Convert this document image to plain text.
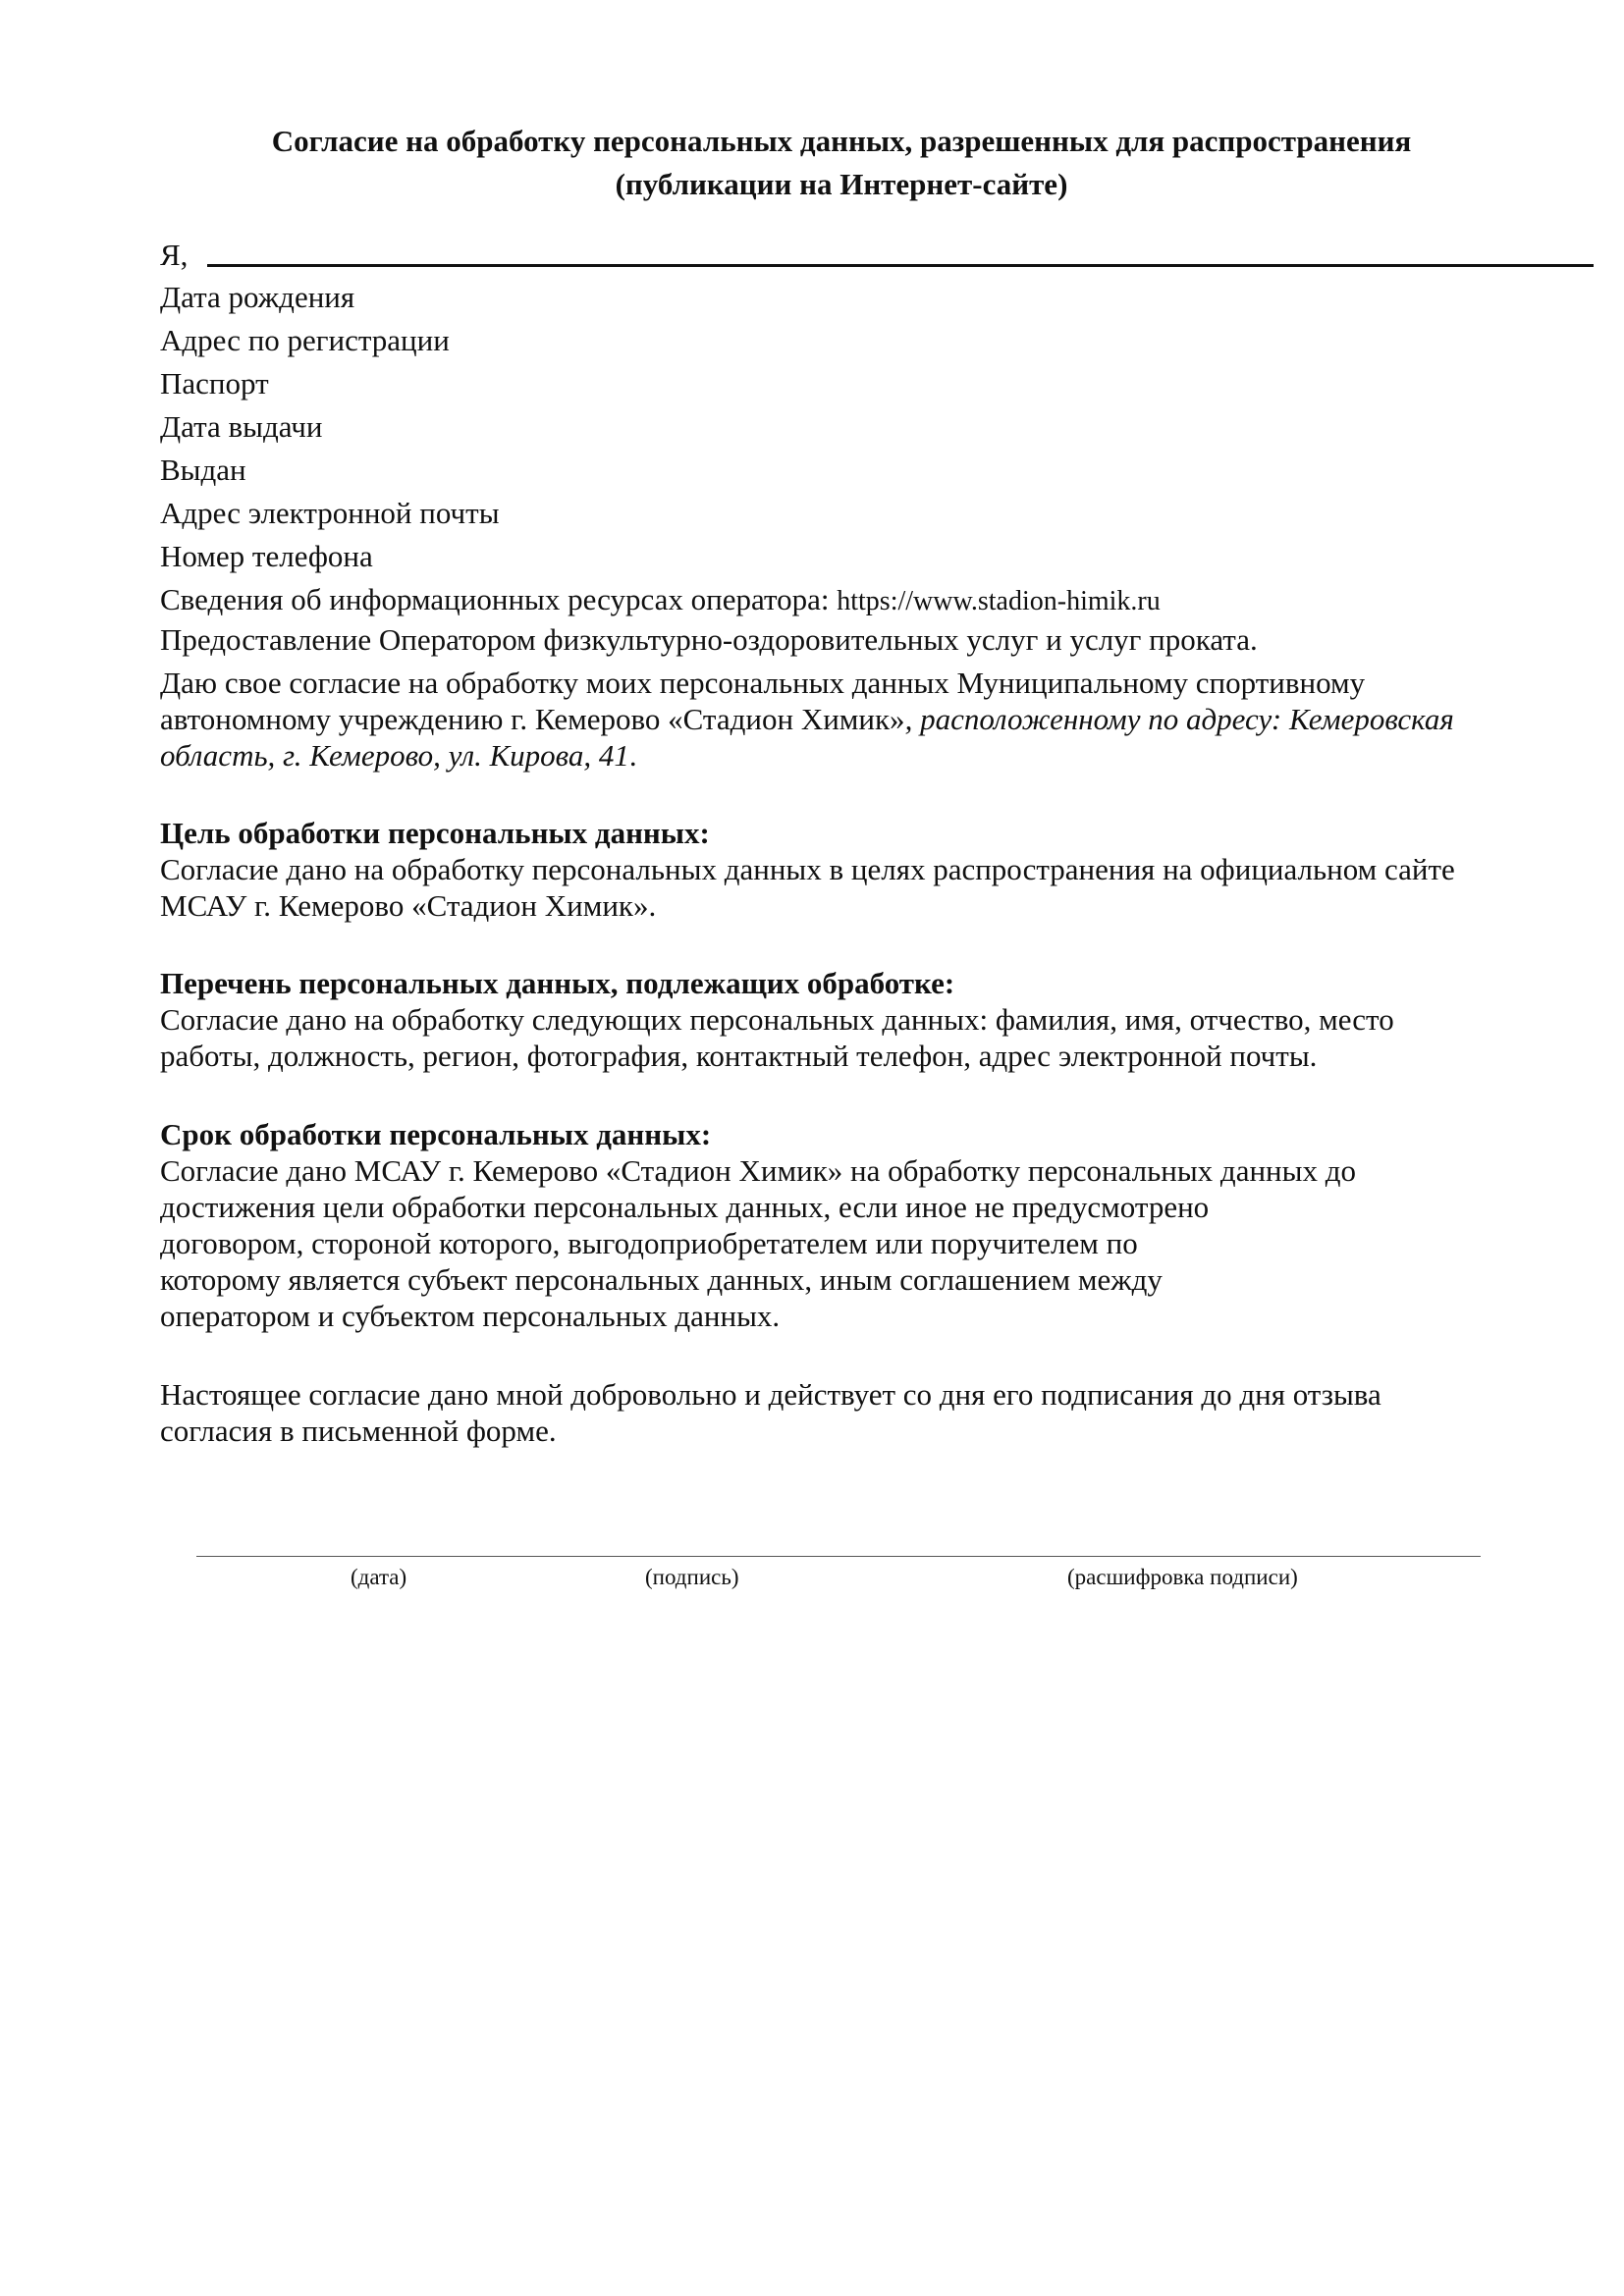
Согласие на обработку персональных данных, разрешенных для распространения
(публикации на Интернет-сайте)
Я,
Дата рождения
Адрес по регистрации
Паспорт
Дата выдачи
Выдан
Адрес электронной почты
Номер телефона
Сведения об информационных ресурсах оператора: https://www.stadion-himik.ru
Предоставление Оператором физкультурно-оздоровительных услуг и услуг проката.
Даю свое согласие на обработку моих персональных данных Муниципальному спортивному
автономному учреждению г. Кемерово «Стадион Химик», расположенному по адресу: Кемеровская
область, г. Кемерово, ул. Кирова, 41.
Цель обработки персональных данных:
Согласие дано на обработку персональных данных в целях распространения на официальном сайте
МСАУ г. Кемерово «Стадион Химик».
Перечень персональных данных, подлежащих обработке:
Согласие дано на обработку следующих персональных данных: фамилия, имя, отчество, место
работы, должность, регион, фотография, контактный телефон, адрес электронной почты.
Срок обработки персональных данных:
Согласие дано МСАУ г. Кемерово «Стадион Химик» на обработку персональных данных до
достижения цели обработки персональных данных, если иное не предусмотрено
договором, стороной которого, выгодоприобретателем или поручителем по
которому является субъект персональных данных, иным соглашением между
оператором и субъектом персональных данных.
Настоящее согласие дано мной добровольно и действует со дня его подписания до дня отзыва
согласия в письменной форме.
(дата)	(подпись)	(расшифровка подписи)
